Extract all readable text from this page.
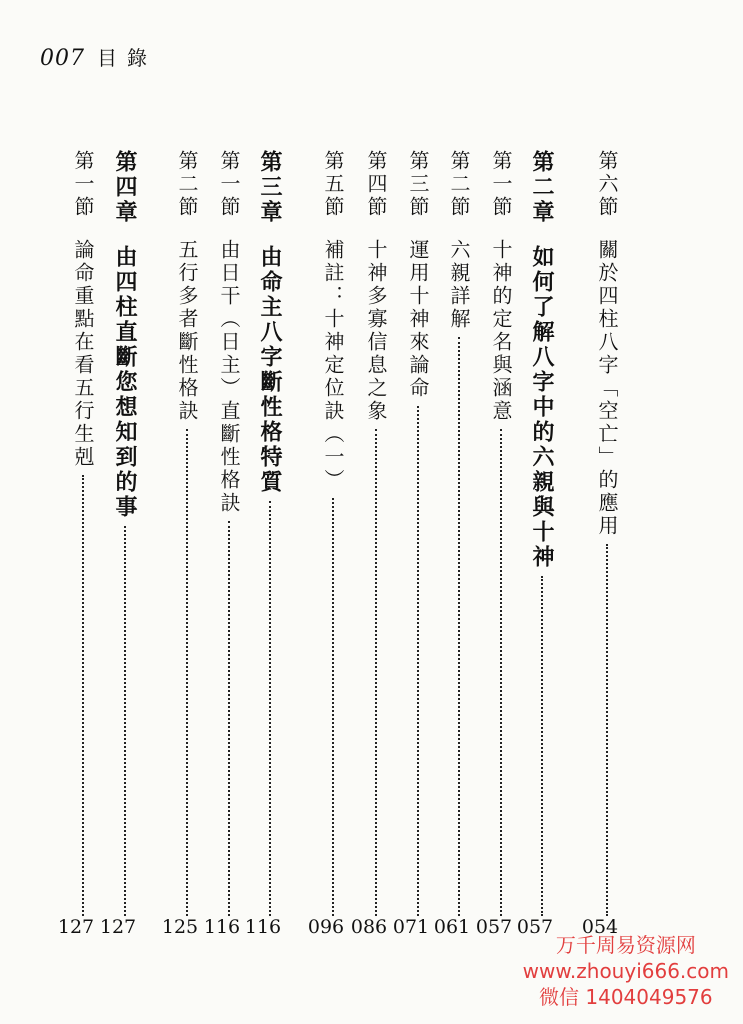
007 目錄
第六節
關於四柱八字「空亡」的應用
054
第二章
如何了解八字中的六親與十神
057
第一節
十神的定名與涵意
057
第二節
六親詳解
061
第三節
運用十神來論命
071
第四節
十神多寡信息之象
086
第五節
補註：十神定位訣（一）
096
第三章
由命主八字斷性格特質
116
第一節
由日干（日主）直斷性格訣
116
第二節
五行多者斷性格訣
125
第四章
由四柱直斷您想知到的事
127
第一節
論命重點在看五行生剋
127
万千周易资源网
www.zhouyi666.com
微信 1404049576
